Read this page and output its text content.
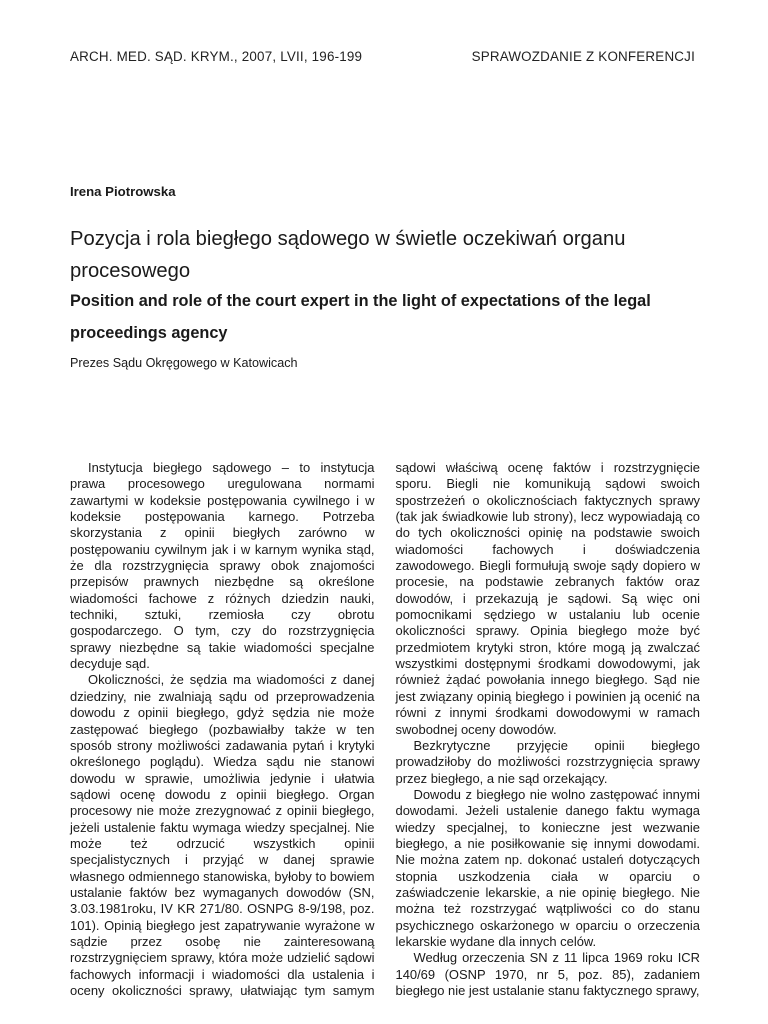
ARCH. MED. SĄD. KRYM., 2007, LVII, 196-199	SPRAWOZDANIE Z KONFERENCJI
Irena Piotrowska
Pozycja i rola biegłego sądowego w świetle oczekiwań organu procesowego
Position and role of the court expert in the light of expectations of the legal proceedings agency
Prezes Sądu Okręgowego w Katowicach

Instytucja biegłego sądowego – to instytucja prawa procesowego uregulowana normami zawartymi w kodeksie postępowania cywilnego i w kodeksie postępowania karnego. Potrzeba skorzystania z opinii biegłych zarówno w postępowaniu cywilnym jak i w karnym wynika stąd, że dla rozstrzygnięcia sprawy obok znajomości przepisów prawnych niezbędne są określone wiadomości fachowe z różnych dziedzin nauki, techniki, sztuki, rzemiosła czy obrotu gospodarczego. O tym, czy do rozstrzygnięcia sprawy niezbędne są takie wiadomości specjalne decyduje sąd.

Okoliczności, że sędzia ma wiadomości z danej dziedziny, nie zwalniają sądu od przeprowadzenia dowodu z opinii biegłego, gdyż sędzia nie może zastępować biegłego (pozbawiałby także w ten sposób strony możliwości zadawania pytań i krytyki określonego poglądu). Wiedza sądu nie stanowi dowodu w sprawie, umożliwia jedynie i ułatwia sądowi ocenę dowodu z opinii biegłego. Organ procesowy nie może zrezygnować z opinii biegłego, jeżeli ustalenie faktu wymaga wiedzy specjalnej. Nie może też odrzucić wszystkich opinii specjalistycznych i przyjąć w danej sprawie własnego odmiennego stanowiska, byłoby to bowiem ustalanie faktów bez wymaganych dowodów (SN, 3.03.1981roku, IV KR 271/80. OSNPG 8-9/198, poz. 101). Opinią biegłego jest zapatrywanie wyrażone w sądzie przez osobę nie zainteresowaną rozstrzygnięciem sprawy, która może udzielić sądowi fachowych informacji i wiadomości dla ustalenia i oceny okoliczności sprawy, ułatwiając tym samym sądowi właściwą ocenę faktów i rozstrzygnięcie sporu. Biegli nie komunikują sądowi swoich spostrzeżeń o okolicznościach faktycznych sprawy (tak jak świadkowie lub strony), lecz wypowiadają co do tych okoliczności opinię na podstawie swoich wiadomości fachowych i doświadczenia zawodowego. Biegli formułują swoje sądy dopiero w procesie, na podstawie zebranych faktów oraz dowodów, i przekazują je sądowi. Są więc oni pomocnikami sędziego w ustalaniu lub ocenie okoliczności sprawy. Opinia biegłego może być przedmiotem krytyki stron, które mogą ją zwalczać wszystkimi dostępnymi środkami dowodowymi, jak również żądać powołania innego biegłego. Sąd nie jest związany opinią biegłego i powinien ją ocenić na równi z innymi środkami dowodowymi w ramach swobodnej oceny dowodów.

Bezkrytyczne przyjęcie opinii biegłego prowadziłoby do możliwości rozstrzygnięcia sprawy przez biegłego, a nie sąd orzekający.

Dowodu z biegłego nie wolno zastępować innymi dowodami. Jeżeli ustalenie danego faktu wymaga wiedzy specjalnej, to konieczne jest wezwanie biegłego, a nie posiłkowanie się innymi dowodami. Nie można zatem np. dokonać ustaleń dotyczących stopnia uszkodzenia ciała w oparciu o zaświadczenie lekarskie, a nie opinię biegłego. Nie można też rozstrzygać wątpliwości co do stanu psychicznego oskarżonego w oparciu o orzeczenia lekarskie wydane dla innych celów.

Według orzeczenia SN z 11 lipca 1969 roku ICR 140/69 (OSNP 1970, nr 5, poz. 85), zadaniem biegłego nie jest ustalanie stanu faktycznego sprawy,
